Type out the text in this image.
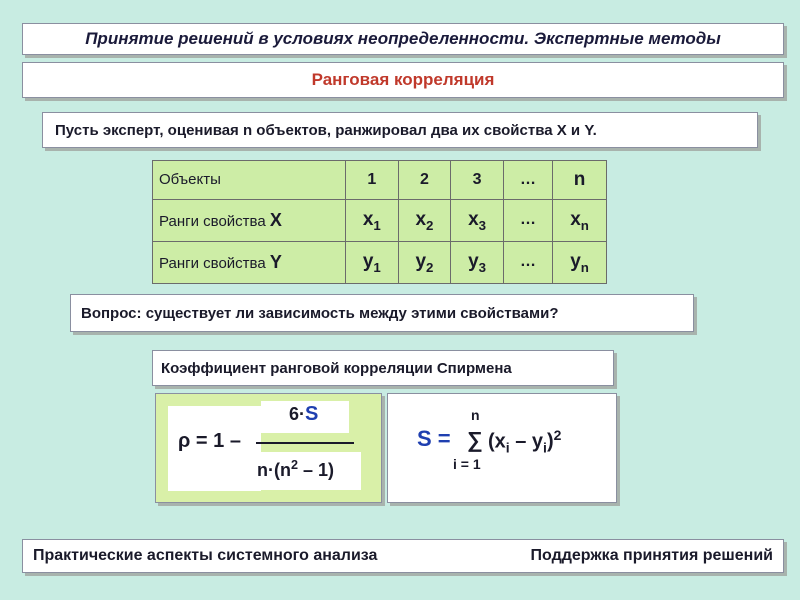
Принятие решений в условиях неопределенности. Экспертные методы
Ранговая корреляция
Пусть эксперт, оценивая n объектов, ранжировал два их свойства X и Y.
Объекты	1	2	3	…	n
Ранги свойства X	$x_1$	$x_2$	$x_3$	…	$x_n$
Ранги свойства Y	$y_1$	$y_2$	$y_3$	…	$y_n$
Вопрос: существует ли зависимость между этими свойствами?
Коэффициент ранговой корреляции Спирмена
ρ = 1 –
6·S
$n\cdot(n^2 - 1)$
n
S = ∑ $(x_i - y_i)^2$
i = 1
Практические аспекты системного анализа	Поддержка принятия решений
